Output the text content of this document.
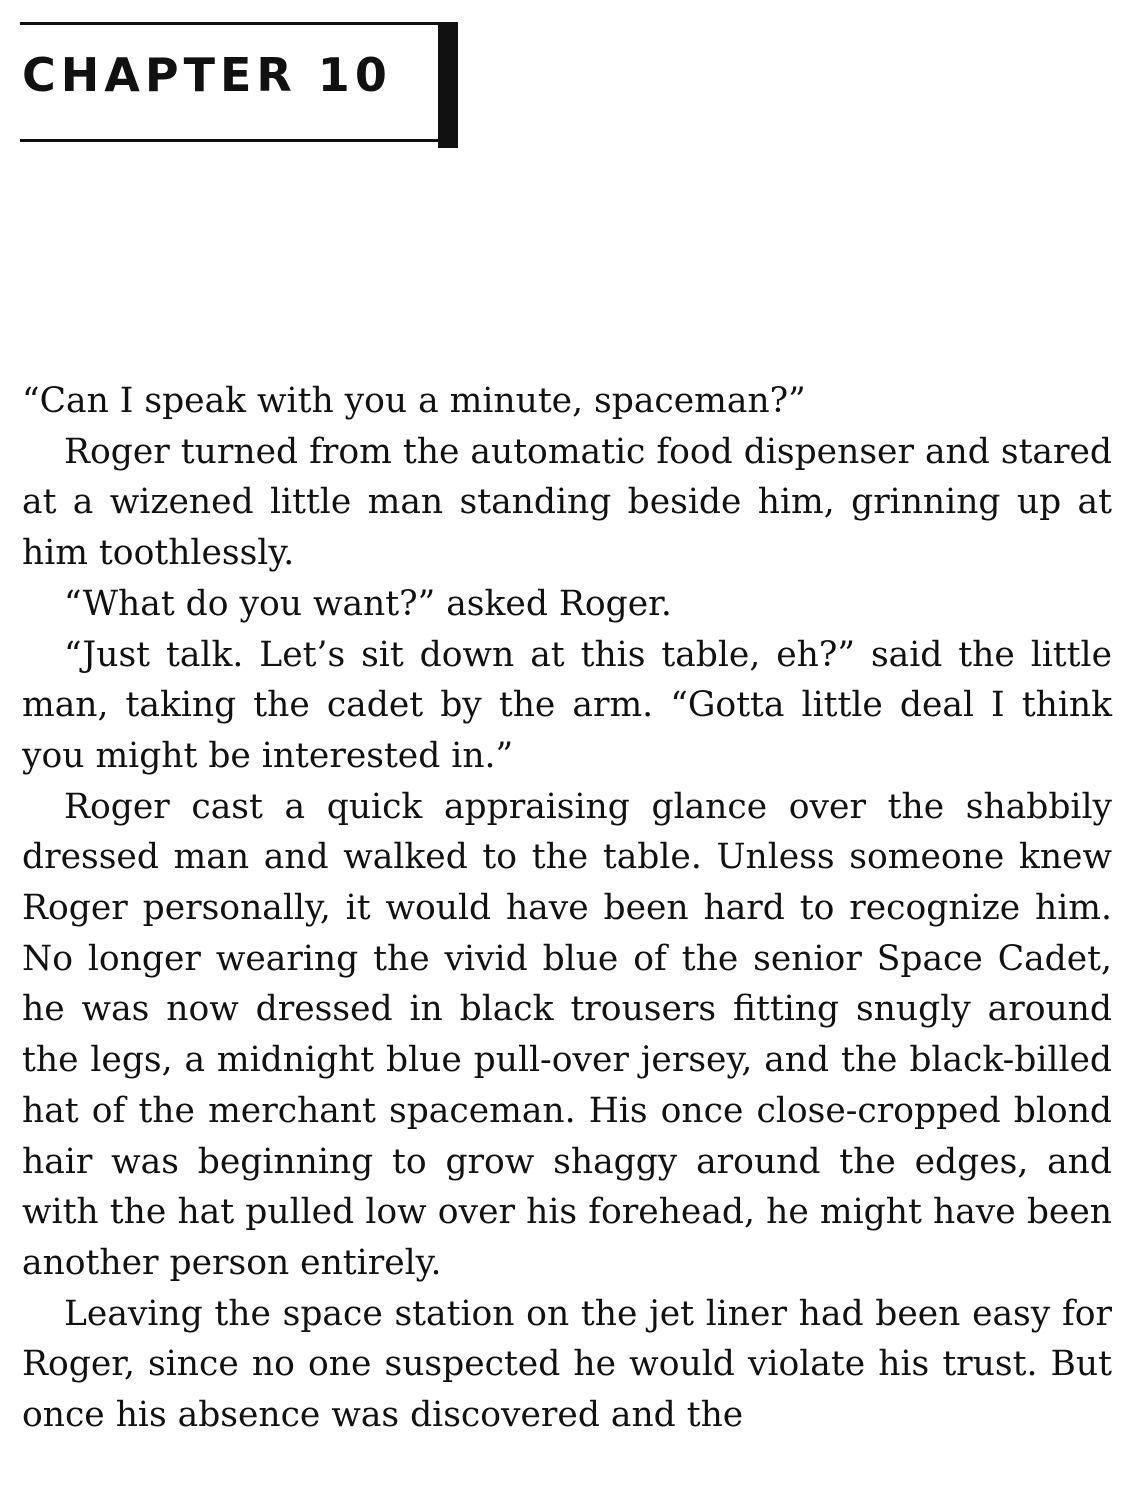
CHAPTER 10

“Can I speak with you a minute, spaceman?”

Roger turned from the automatic food dispenser and stared at a wizened little man standing beside him, grinning up at him toothlessly.

“What do you want?” asked Roger.

“Just talk. Let’s sit down at this table, eh?” said the little man, taking the cadet by the arm. “Gotta little deal I think you might be interested in.”

Roger cast a quick appraising glance over the shabbily dressed man and walked to the table. Unless someone knew Roger personally, it would have been hard to recognize him. No longer wearing the vivid blue of the senior Space Cadet, he was now dressed in black trousers fitting snugly around the legs, a midnight blue pull-over jersey, and the black-billed hat of the merchant spaceman. His once close-cropped blond hair was beginning to grow shaggy around the edges, and with the hat pulled low over his forehead, he might have been another person entirely.

Leaving the space station on the jet liner had been easy for Roger, since no one suspected he would violate his trust. But once his absence was discovered and the
